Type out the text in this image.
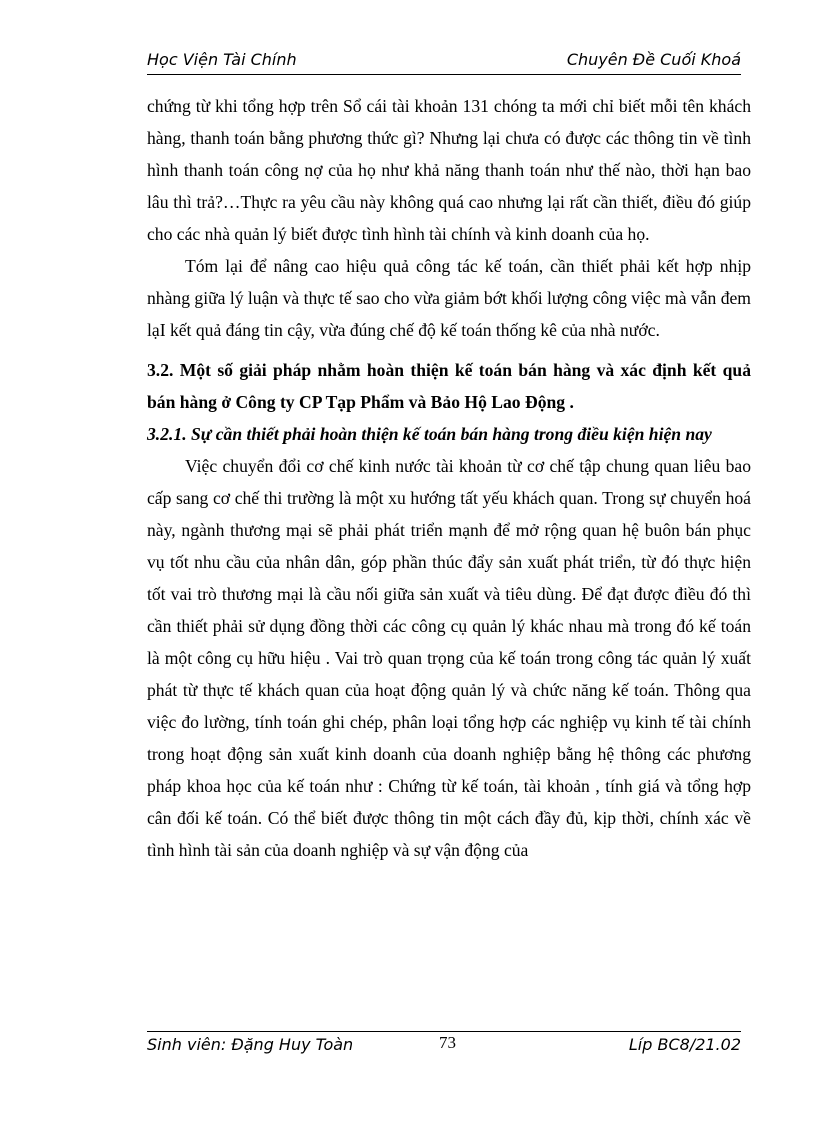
Học Viện Tài Chính	Chuyên Đề Cuối Khoá

chứng từ khi tổng hợp trên Sổ cái tài khoản 131 chóng ta mới chỉ biết mỗi tên khách hàng, thanh toán bằng phương thức gì? Nhưng lại chưa có được các thông tin về tình hình thanh toán công nợ của họ như khả năng thanh toán như thế nào, thời hạn bao lâu thì trả?…Thực ra yêu cầu này không quá cao nhưng lại rất cần thiết, điều đó giúp cho các nhà quản lý biết được tình hình tài chính và kinh doanh của họ.

Tóm lại để nâng cao hiệu quả công tác kế toán, cần thiết phải kết hợp nhịp nhàng giữa lý luận và thực tế sao cho vừa giảm bớt khối lượng công việc mà vẫn đem lạI kết quả đáng tin cậy, vừa đúng chế độ kế toán thống kê của nhà nước.

3.2. Một số giải pháp nhằm hoàn thiện kế toán bán hàng và xác định kết quả bán hàng ở Công ty CP Tạp Phẩm và Bảo Hộ Lao Động .

3.2.1. Sự cần thiết phải hoàn thiện kế toán bán hàng trong điều kiện hiện nay

Việc chuyển đổi cơ chế kinh nước tài khoản từ cơ chế tập chung quan liêu bao cấp sang cơ chế thi trường là một xu hướng tất yếu khách quan. Trong sự chuyển hoá này, ngành thương mại sẽ phải phát triển mạnh để mở rộng quan hệ buôn bán phục vụ tốt nhu cầu của nhân dân, góp phần thúc đẩy sản xuất phát triển, từ đó thực hiện tốt vai trò thương mại là cầu nối giữa sản xuất và tiêu dùng. Để đạt được điều đó thì cần thiết phải sử dụng đồng thời các công cụ quản lý khác nhau mà trong đó kế toán là một công cụ hữu hiệu . Vai trò quan trọng của kế toán trong công tác quản lý xuất phát từ thực tế khách quan của hoạt động quản lý và chức năng kế toán. Thông qua việc đo lường, tính toán ghi chép, phân loại tổng hợp các nghiệp vụ kinh tế tài chính trong hoạt động sản xuất kinh doanh của doanh nghiệp bằng hệ thông các phương pháp khoa học của kế toán như : Chứng từ kế toán, tài khoản , tính giá và tổng hợp cân đối kế toán. Có thể biết được thông tin một cách đầy đủ, kịp thời, chính xác về tình hình tài sản của doanh nghiệp và sự vận động của

Sinh viên: Đặng Huy Toàn	73	Líp BC8/21.02
